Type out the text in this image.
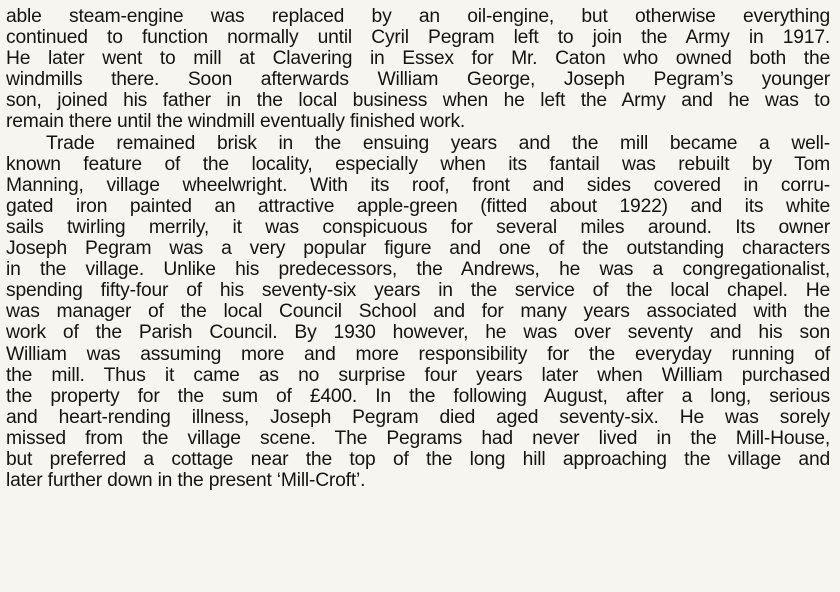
able steam-engine was replaced by an oil-engine, but otherwise everything
continued to function normally until Cyril Pegram left to join the Army in 1917.
He later went to mill at Clavering in Essex for Mr. Caton who owned both the
windmills there. Soon afterwards William George, Joseph Pegram’s younger
son, joined his father in the local business when he left the Army and he was to
remain there until the windmill eventually finished work.

Trade remained brisk in the ensuing years and the mill became a well-
known feature of the locality, especially when its fantail was rebuilt by Tom
Manning, village wheelwright. With its roof, front and sides covered in corru-
gated iron painted an attractive apple-green (fitted about 1922) and its white
sails twirling merrily, it was conspicuous for several miles around. Its owner
Joseph Pegram was a very popular figure and one of the outstanding characters
in the village. Unlike his predecessors, the Andrews, he was a congregationalist,
spending fifty-four of his seventy-six years in the service of the local chapel. He
was manager of the local Council School and for many years associated with the
work of the Parish Council. By 1930 however, he was over seventy and his son
William was assuming more and more responsibility for the everyday running of
the mill. Thus it came as no surprise four years later when William purchased
the property for the sum of £400. In the following August, after a long, serious
and heart-rending illness, Joseph Pegram died aged seventy-six. He was sorely
missed from the village scene. The Pegrams had never lived in the Mill-House,
but preferred a cottage near the top of the long hill approaching the village and
later further down in the present ‘Mill-Croft’.
